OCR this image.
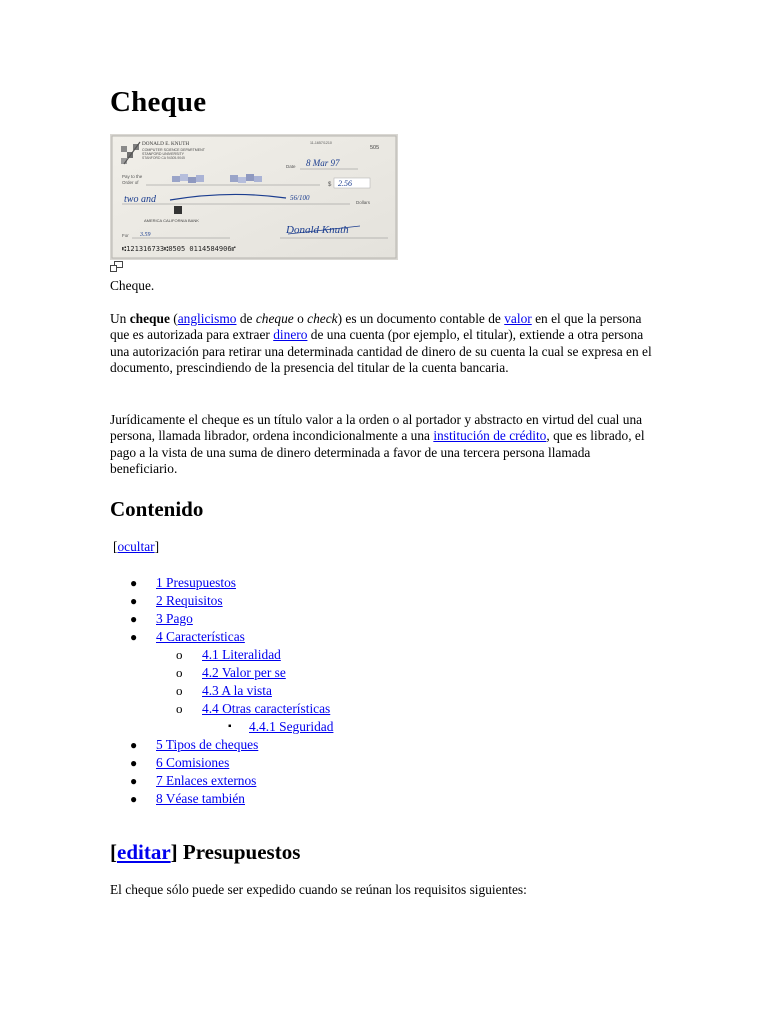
Cheque
DONALD E. KNUTH
COMPUTER SCIENCE DEPARTMENT
STANFORD UNIVERSITY
STANFORD CA 94305-9045
11-1657/1210
505
Date 8 Mar 97
Pay to the
Order of	$ 2.56
two and	56/100
Dollars
AMERICA CALIFORNIA BANK
For 3.59	Donald Knuth
⑆121316733⑆0505 0114584906⑈
Cheque.

Un cheque (anglicismo de cheque o check) es un documento contable de valor en el que la persona que es autorizada para extraer dinero de una cuenta (por ejemplo, el titular), extiende a otra persona una autorización para retirar una determinada cantidad de dinero de su cuenta la cual se expresa en el documento, prescindiendo de la presencia del titular de la cuenta bancaria.

Jurídicamente el cheque es un título valor a la orden o al portador y abstracto en virtud del cual una persona, llamada librador, ordena incondicionalmente a una institución de crédito, que es librado, el pago a la vista de una suma de dinero determinada a favor de una tercera persona llamada beneficiario.

Contenido
[ocultar]
● 1 Presupuestos
● 2 Requisitos
● 3 Pago
● 4 Características
o 4.1 Literalidad
o 4.2 Valor per se
o 4.3 A la vista
o 4.4 Otras características
▪ 4.4.1 Seguridad
● 5 Tipos de cheques
● 6 Comisiones
● 7 Enlaces externos
● 8 Véase también
[editar] Presupuestos

El cheque sólo puede ser expedido cuando se reúnan los requisitos siguientes:
